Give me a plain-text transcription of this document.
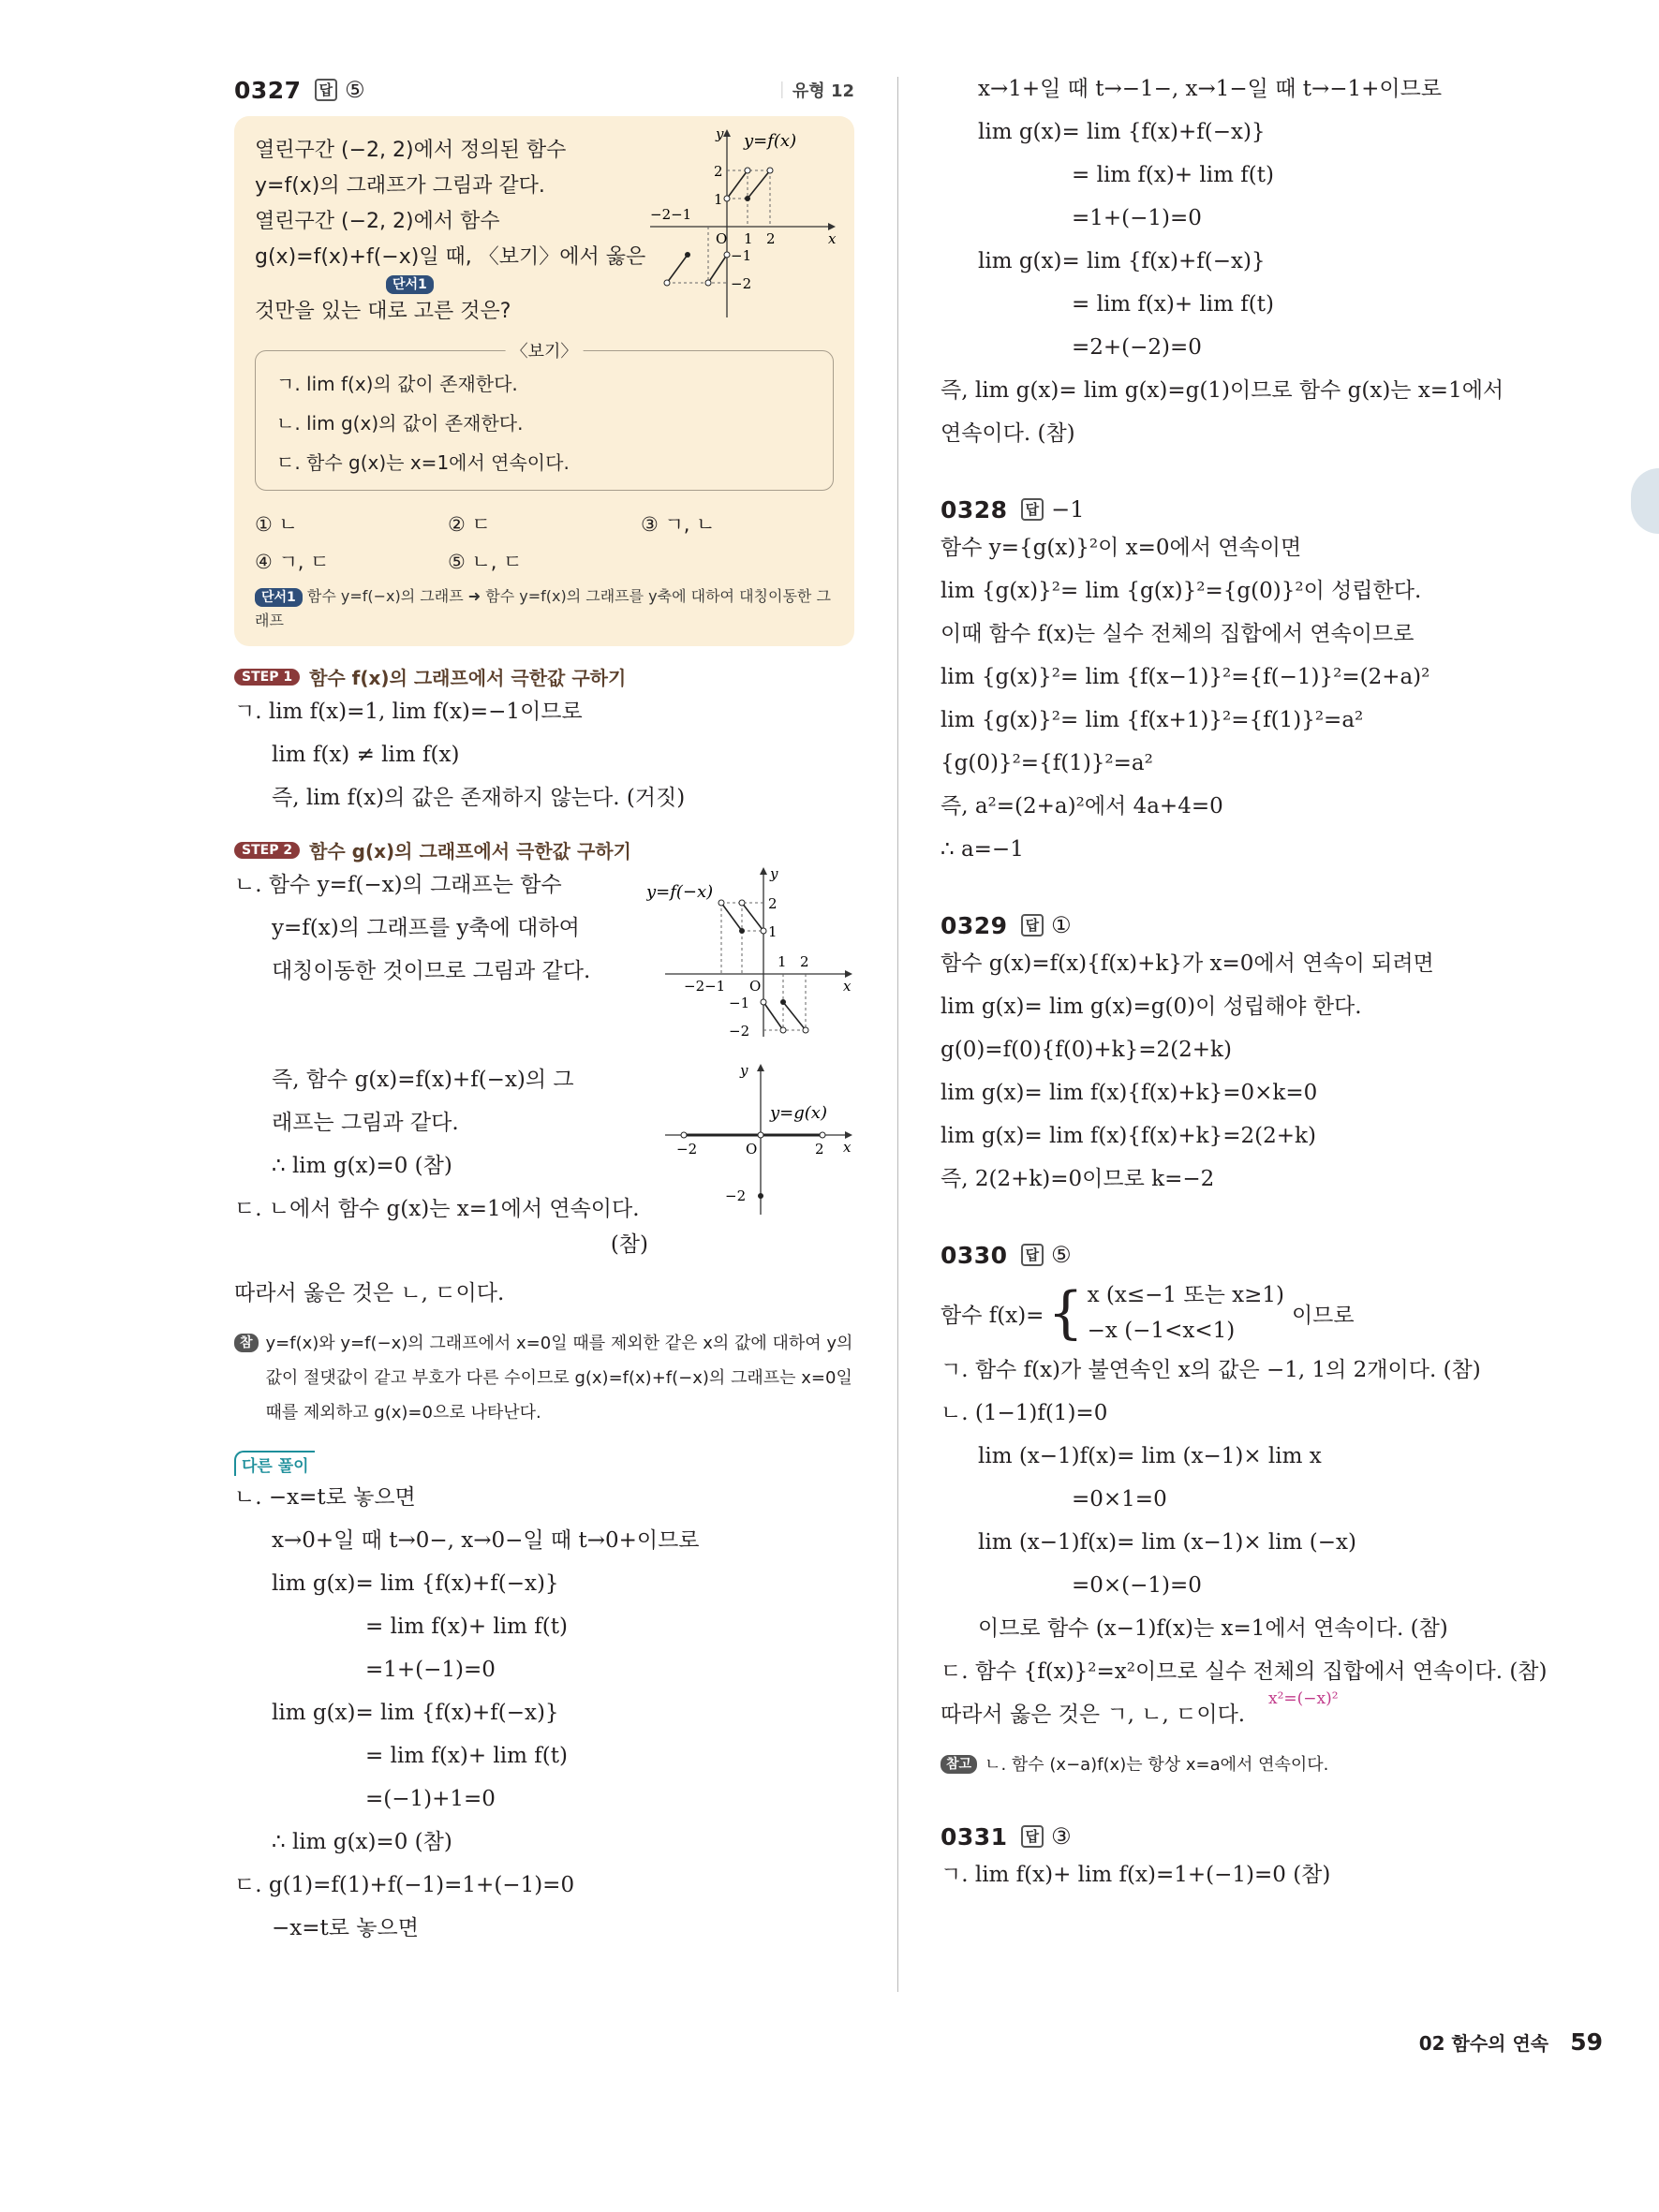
0327	답 ⑤
｜	유형 12

열린구간 (−2, 2)에서 정의된 함수

y=f(x)의 그래프가 그림과 같다.

열린구간 (−2, 2)에서 함수

g(x)=f(x)+f(−x)일 때, 〈보기〉에서 옳은

단서1

것만을 있는 대로 고른 것은?

y=f(x)
y
x
2
1
−2−1
O 1 2
−1
−2
〈보기〉

ㄱ. lim f(x)의 값이 존재한다.

ㄴ. lim g(x)의 값이 존재한다.

ㄷ. 함수 g(x)는 x=1에서 연속이다.

① ㄴ	② ㄷ	③ ㄱ, ㄴ
④ ㄱ, ㄷ	⑤ ㄴ, ㄷ
단서1 함수 y=f(−x)의 그래프 ➜ 함수 y=f(x)의 그래프를 y축에 대하여 대칭이동한 그래프
STEP 1 함수 f(x)의 그래프에서 극한값 구하기
ㄱ. lim f(x)=1, lim f(x)=−1이므로
lim f(x) ≠ lim f(x)
즉, lim f(x)의 값은 존재하지 않는다. (거짓)
STEP 2 함수 g(x)의 그래프에서 극한값 구하기
ㄴ. 함수 y=f(−x)의 그래프는 함수
y=f(x)의 그래프를 y축에 대하여
대칭이동한 것이므로 그림과 같다.
즉, 함수 g(x)=f(x)+f(−x)의 그
래프는 그림과 같다.
∴ lim g(x)=0 (참)
ㄷ. ㄴ에서 함수 g(x)는 x=1에서 연속이다.
(참)
y=f(−x)
y
x
2
1
1 2
−2−1 O
−1
−2
y
y=g(x)
x
−2	O	2
−2
따라서 옳은 것은 ㄴ, ㄷ이다.
참고
y=f(x)와 y=f(−x)의 그래프에서 x=0일 때를 제외한 같은 x의 값에 대하여 y의 값이 절댓값이 같고 부호가 다른 수이므로 g(x)=f(x)+f(−x)의 그래프는 x=0일 때를 제외하고 g(x)=0으로 나타난다.
다른 풀이
ㄴ. −x=t로 놓으면
x→0+일 때 t→0−, x→0−일 때 t→0+이므로
lim g(x)= lim {f(x)+f(−x)}
= lim f(x)+ lim f(t)
=1+(−1)=0
lim g(x)= lim {f(x)+f(−x)}
= lim f(x)+ lim f(t)
=(−1)+1=0
∴ lim g(x)=0 (참)
ㄷ. g(1)=f(1)+f(−1)=1+(−1)=0
−x=t로 놓으면
x→1+일 때 t→−1−, x→1−일 때 t→−1+이므로
lim g(x)= lim {f(x)+f(−x)}
= lim f(x)+ lim f(t)
=1+(−1)=0
lim g(x)= lim {f(x)+f(−x)}
= lim f(x)+ lim f(t)
=2+(−2)=0
즉, lim g(x)= lim g(x)=g(1)이므로 함수 g(x)는 x=1에서
연속이다. (참)
0328	답 −1
함수 y={g(x)}²이 x=0에서 연속이면
lim {g(x)}²= lim {g(x)}²={g(0)}²이 성립한다.
이때 함수 f(x)는 실수 전체의 집합에서 연속이므로
lim {g(x)}²= lim {f(x−1)}²={f(−1)}²=(2+a)²
lim {g(x)}²= lim {f(x+1)}²={f(1)}²=a²
{g(0)}²={f(1)}²=a²
즉, a²=(2+a)²에서 4a+4=0
∴ a=−1
0329	답 ①
함수 g(x)=f(x){f(x)+k}가 x=0에서 연속이 되려면
lim g(x)= lim g(x)=g(0)이 성립해야 한다.
g(0)=f(0){f(0)+k}=2(2+k)
lim g(x)= lim f(x){f(x)+k}=0×k=0
lim g(x)= lim f(x){f(x)+k}=2(2+k)
즉, 2(2+k)=0이므로 k=−2
0330	답 ⑤
함수 f(x)= { x (x≤−1 또는 x≥1)
−x (−1<x<1)
이므로
ㄱ. 함수 f(x)가 불연속인 x의 값은 −1, 1의 2개이다. (참)
ㄴ. (1−1)f(1)=0
lim (x−1)f(x)= lim (x−1)× lim x
=0×1=0
lim (x−1)f(x)= lim (x−1)× lim (−x)
=0×(−1)=0
이므로 함수 (x−1)f(x)는 x=1에서 연속이다. (참)
ㄷ. 함수 {f(x)}²=x²이므로 실수 전체의 집합에서 연속이다. (참)
따라서 옳은 것은 ㄱ, ㄴ, ㄷ이다.
x²=(−x)²
참고 ㄴ. 함수 (x−a)f(x)는 항상 x=a에서 연속이다.
0331	답 ③
ㄱ. lim f(x)+ lim f(x)=1+(−1)=0 (참)
02 함수의 연속 59
